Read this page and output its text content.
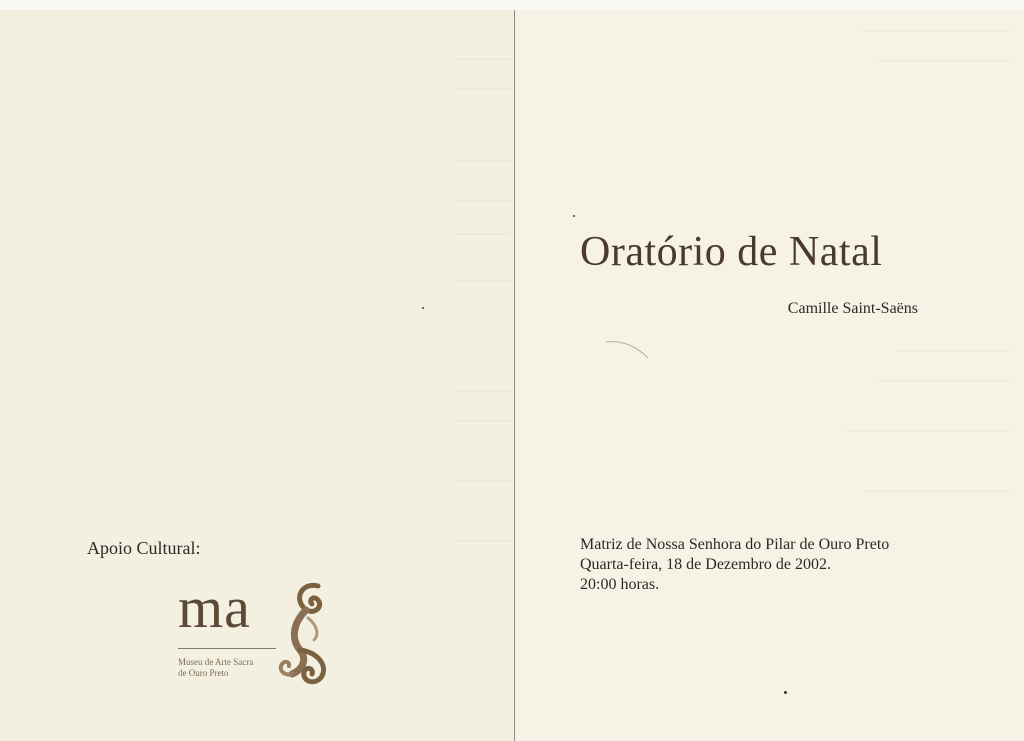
Apoio Cultural:
ma
Museu de Arte Sacra
de Ouro Preto
Oratório de Natal
Camille Saint-Saëns
Matriz de Nossa Senhora do Pilar de Ouro Preto
Quarta-feira, 18 de Dezembro de 2002.
20:00 horas.
